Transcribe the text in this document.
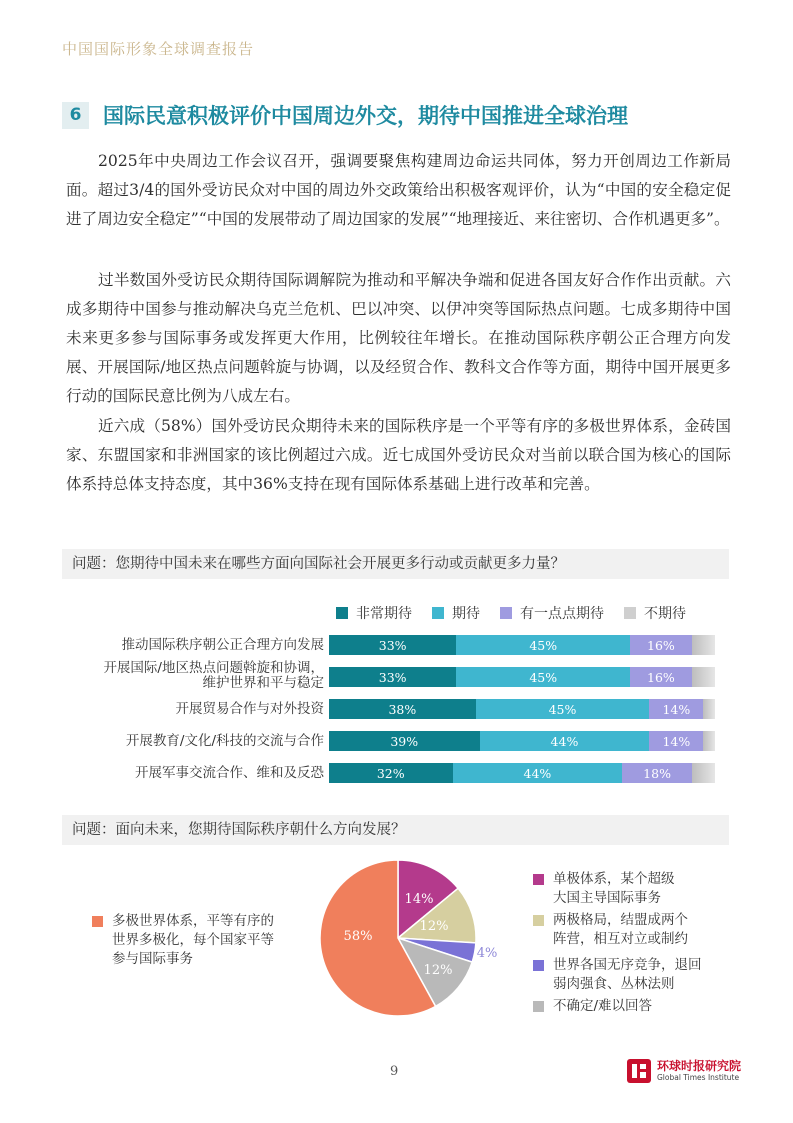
中国国际形象全球调查报告
6	国际民意积极评价中国周边外交，期待中国推进全球治理
2025年中央周边工作会议召开，强调要聚焦构建周边命运共同体，努力开创周边工作新局面。超过3/4的国外受访民众对中国的周边外交政策给出积极客观评价，认为“中国的安全稳定促进了周边安全稳定”“中国的发展带动了周边国家的发展”“地理接近、来往密切、合作机遇更多”。
过半数国外受访民众期待国际调解院为推动和平解决争端和促进各国友好合作作出贡献。六成多期待中国参与推动解决乌克兰危机、巴以冲突、以伊冲突等国际热点问题。七成多期待中国未来更多参与国际事务或发挥更大作用，比例较往年增长。在推动国际秩序朝公正合理方向发展、开展国际/地区热点问题斡旋与协调，以及经贸合作、教科文合作等方面，期待中国开展更多行动的国际民意比例为八成左右。
近六成（58%）国外受访民众期待未来的国际秩序是一个平等有序的多极世界体系，金砖国家、东盟国家和非洲国家的该比例超过六成。近七成国外受访民众对当前以联合国为核心的国际体系持总体支持态度，其中36%支持在现有国际体系基础上进行改革和完善。
问题：您期待中国未来在哪些方面向国际社会开展更多行动或贡献更多力量？
非常期待	期待	有一点点期待	不期待
推动国际秩序朝公正合理方向发展	33%	45%	16%
开展国际/地区热点问题斡旋和协调，
维护世界和平与稳定	33%	45%	16%
开展贸易合作与对外投资	38%	45%	14%
开展教育/文化/科技的交流与合作	39%	44%	14%
开展军事交流合作、维和及反恐	32%	44%	18%
问题：面向未来，您期待国际秩序朝什么方向发展？
多极世界体系，平等有序的
世界多极化，每个国家平等
参与国际事务
14%
12%
4%
12%
58%
单极体系，某个超级
大国主导国际事务
两极格局，结盟成两个
阵营，相互对立或制约
世界各国无序竞争，退回
弱肉强食、丛林法则
不确定/难以回答
9	环球时报研究院
Global Times Institute
